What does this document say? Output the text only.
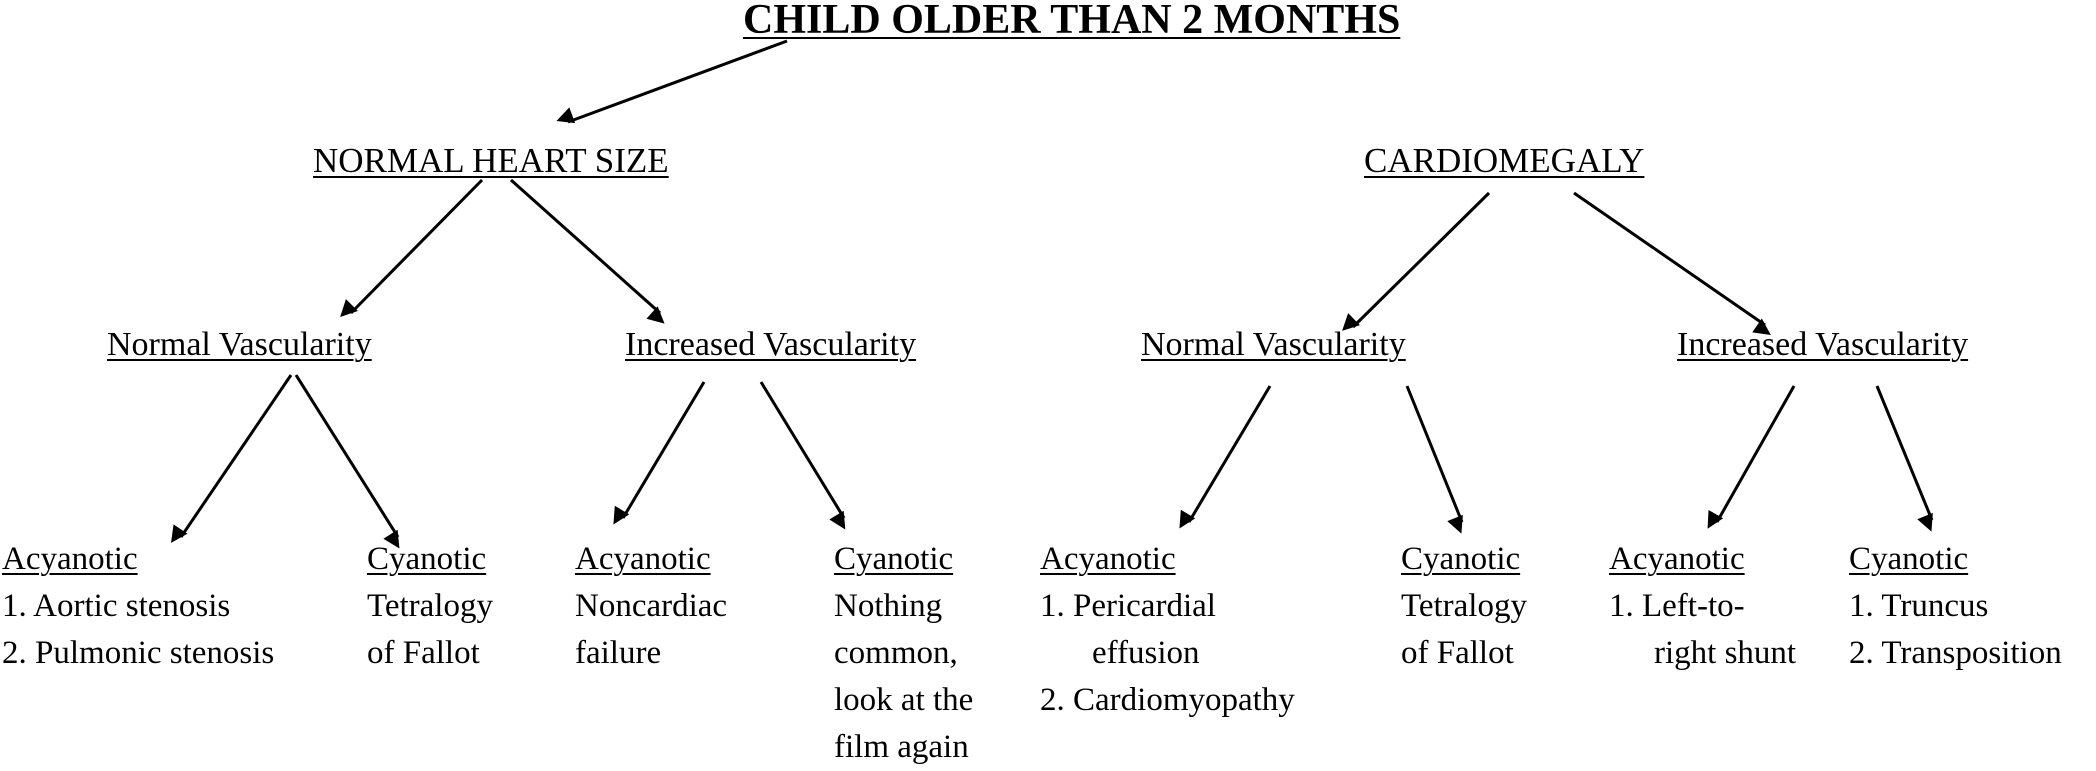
CHILD OLDER THAN 2 MONTHS
NORMAL HEART SIZE	CARDIOMEGALY
Normal Vascularity	Increased Vascularity	Normal Vascularity	Increased Vascularity
Acyanotic
1. Aortic stenosis
2. Pulmonic stenosis
Cyanotic
Tetralogy
of Fallot
Acyanotic
Noncardiac
failure
Cyanotic
Nothing
common,
look at the
film again
Acyanotic
1. Pericardial
effusion
2. Cardiomyopathy
Cyanotic
Tetralogy
of Fallot
Acyanotic
1. Left-to-
right shunt
Cyanotic
1. Truncus
2. Transposition
